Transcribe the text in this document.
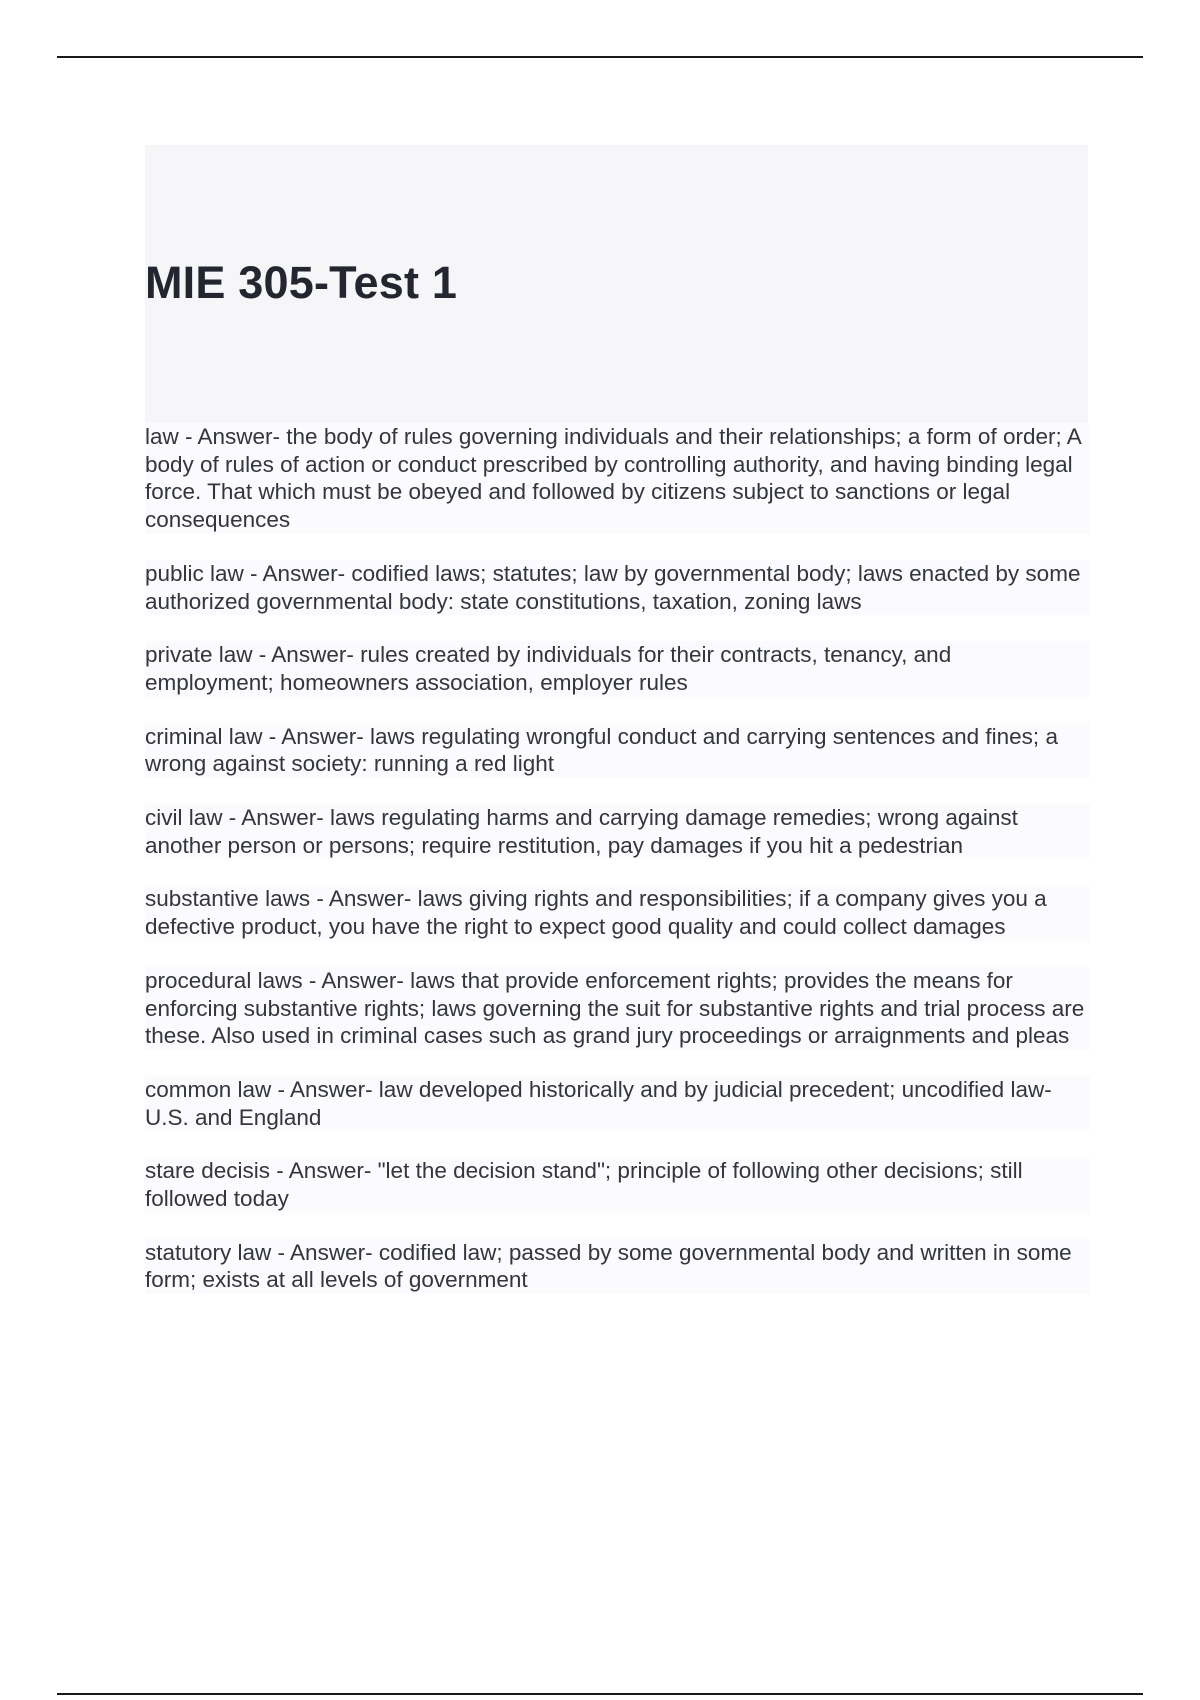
MIE 305-Test 1

law - Answer- the body of rules governing individuals and their relationships; a form of order; A body of rules of action or conduct prescribed by controlling authority, and having binding legal force. That which must be obeyed and followed by citizens subject to sanctions or legal consequences

public law - Answer- codified laws; statutes; law by governmental body; laws enacted by some authorized governmental body: state constitutions, taxation, zoning laws

private law - Answer- rules created by individuals for their contracts, tenancy, and employment; homeowners association, employer rules

criminal law - Answer- laws regulating wrongful conduct and carrying sentences and fines; a wrong against society: running a red light

civil law - Answer- laws regulating harms and carrying damage remedies; wrong against another person or persons; require restitution, pay damages if you hit a pedestrian

substantive laws - Answer- laws giving rights and responsibilities; if a company gives you a defective product, you have the right to expect good quality and could collect damages

procedural laws - Answer- laws that provide enforcement rights; provides the means for enforcing substantive rights; laws governing the suit for substantive rights and trial process are these. Also used in criminal cases such as grand jury proceedings or arraignments and pleas

common law - Answer- law developed historically and by judicial precedent; uncodified law-U.S. and England

stare decisis - Answer- "let the decision stand"; principle of following other decisions; still followed today

statutory law - Answer- codified law; passed by some governmental body and written in some form; exists at all levels of government
